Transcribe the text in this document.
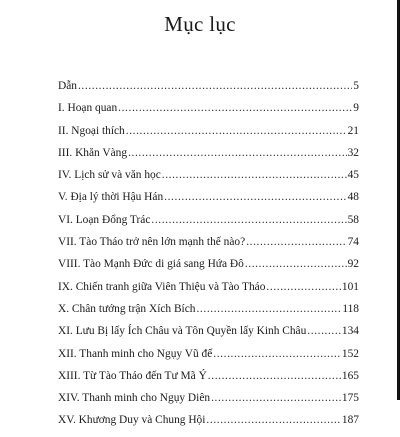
Mục lục
Dẫn .....	5
I. Hoạn quan .....	9
II. Ngoại thích .....	21
III. Khăn Vàng .....	32
IV. Lịch sử và văn học .....	45
V. Địa lý thời Hậu Hán .....	48
VI. Loạn Đổng Trác .....	58
VII. Tào Tháo trở nên lớn mạnh thế nào? .....	74
VIII. Tào Mạnh Đức di giá sang Hứa Đô .....	92
IX. Chiến tranh giữa Viên Thiệu và Tào Tháo .....	101
X. Chân tướng trận Xích Bích .....	118
XI. Lưu Bị lấy Ích Châu và Tôn Quyền lấy Kinh Châu .....	134
XII. Thanh minh cho Ngụy Vũ đế .....	152
XIII. Từ Tào Tháo đến Tư Mã Ý .....	165
XIV. Thanh minh cho Ngụy Diên .....	175
XV. Khương Duy và Chung Hội .....	187
